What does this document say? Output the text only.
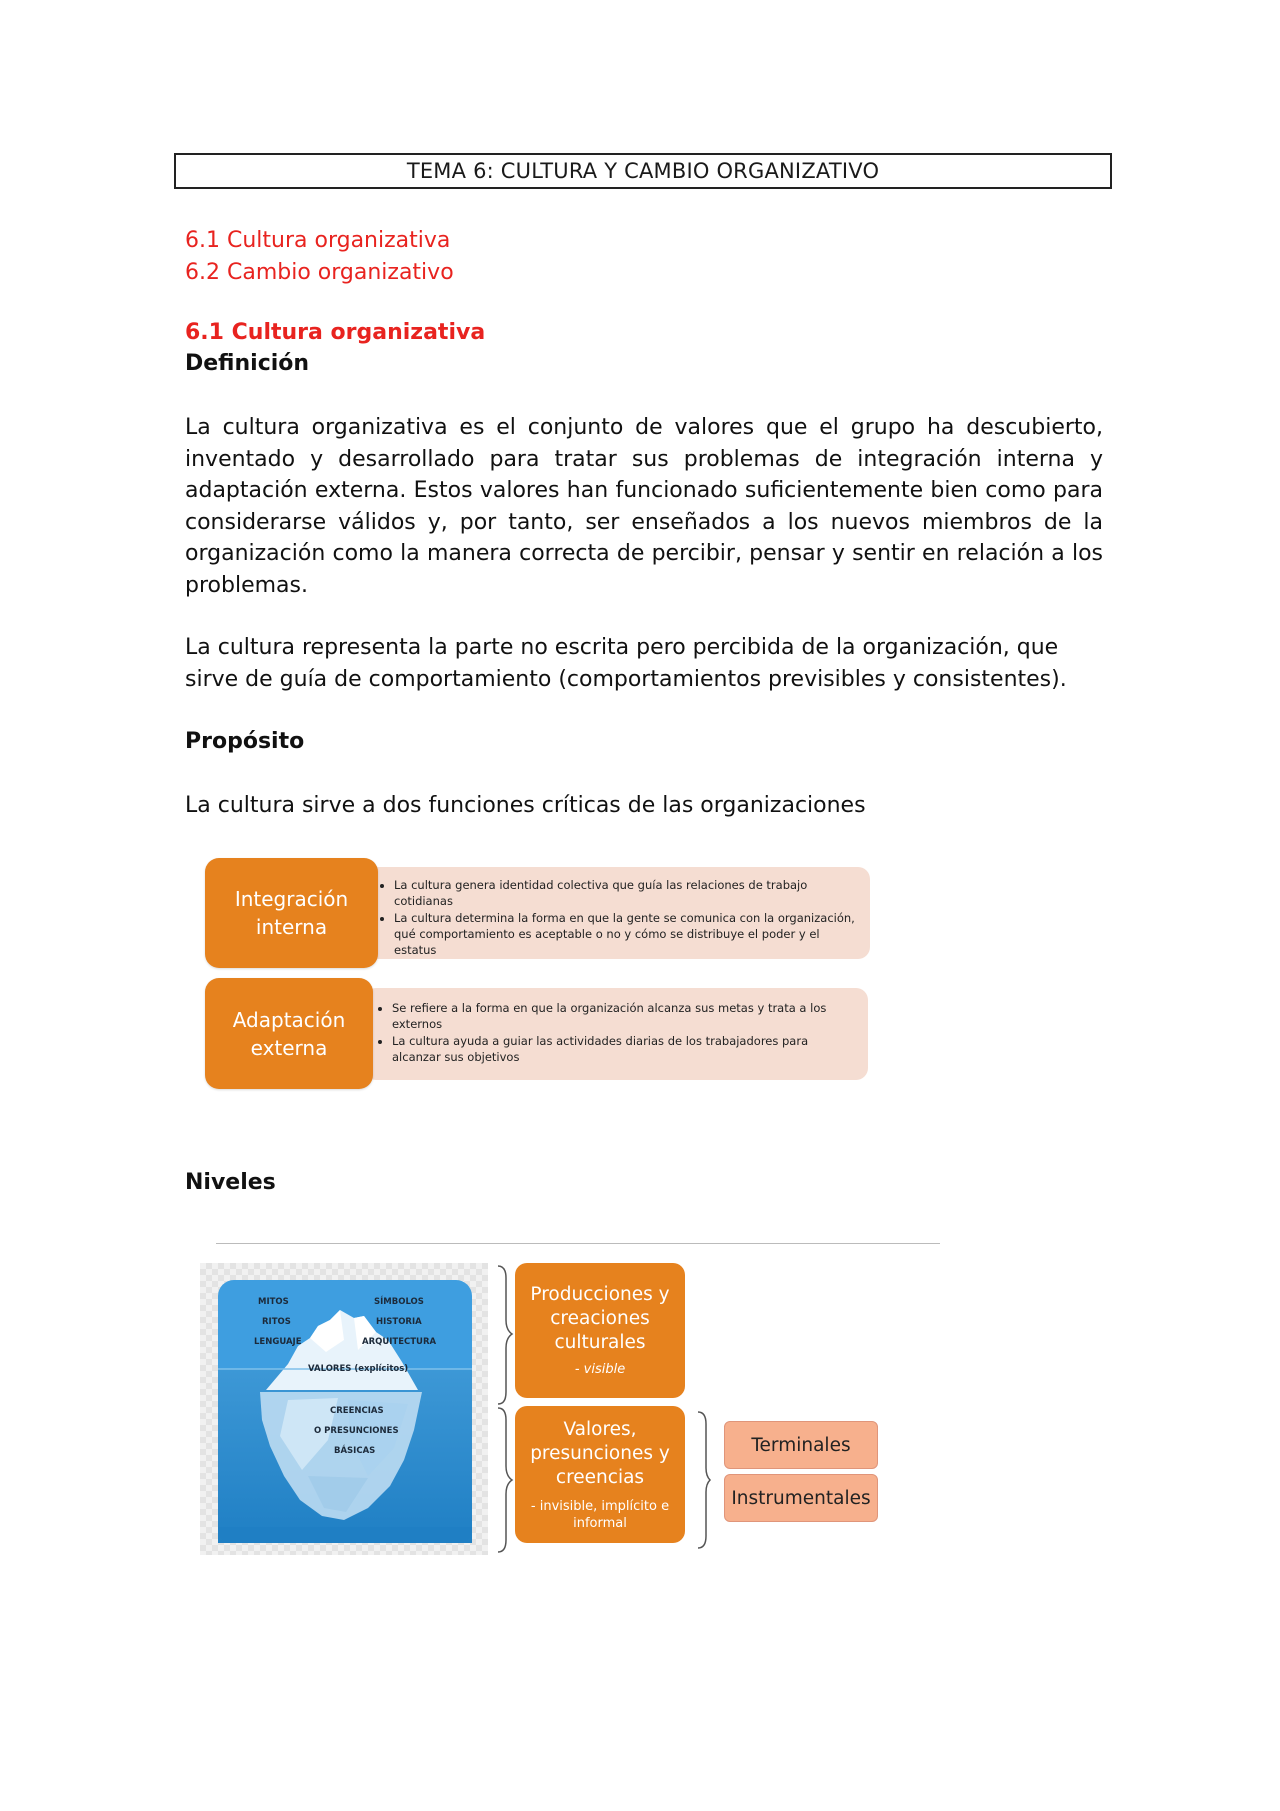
TEMA 6: CULTURA Y CAMBIO ORGANIZATIVO
6.1 Cultura organizativa
6.2 Cambio organizativo
6.1 Cultura organizativa
Definición
La cultura organizativa es el conjunto de valores que el grupo ha descubierto, inventado y desarrollado para tratar sus problemas de integración interna y adaptación externa. Estos valores han funcionado suficientemente bien como para considerarse válidos y, por tanto, ser enseñados a los nuevos miembros de la organización como la manera correcta de percibir, pensar y sentir en relación a los problemas.
La cultura representa la parte no escrita pero percibida de la organización, que sirve de guía de comportamiento (comportamientos previsibles y consistentes).
Propósito
La cultura sirve a dos funciones críticas de las organizaciones
• La cultura genera identidad colectiva que guía las relaciones de trabajo cotidianas
• La cultura determina la forma en que la gente se comunica con la organización, qué comportamiento es aceptable o no y cómo se distribuye el poder y el estatus
Integración
interna
• Se refiere a la forma en que la organización alcanza sus metas y trata a los externos
• La cultura ayuda a guiar las actividades diarias de los trabajadores para alcanzar sus objetivos
Adaptación
externa
Niveles
MITOS
RITOS
LENGUAJE
SÍMBOLOS
HISTORIA
ARQUITECTURA
VALORES (explícitos)
CREENCIAS
O PRESUNCIONES
BÁSICAS
Producciones y
creaciones
culturales
- visible
Valores,
presunciones y
creencias
- invisible, implícito e
informal
Terminales
Instrumentales
